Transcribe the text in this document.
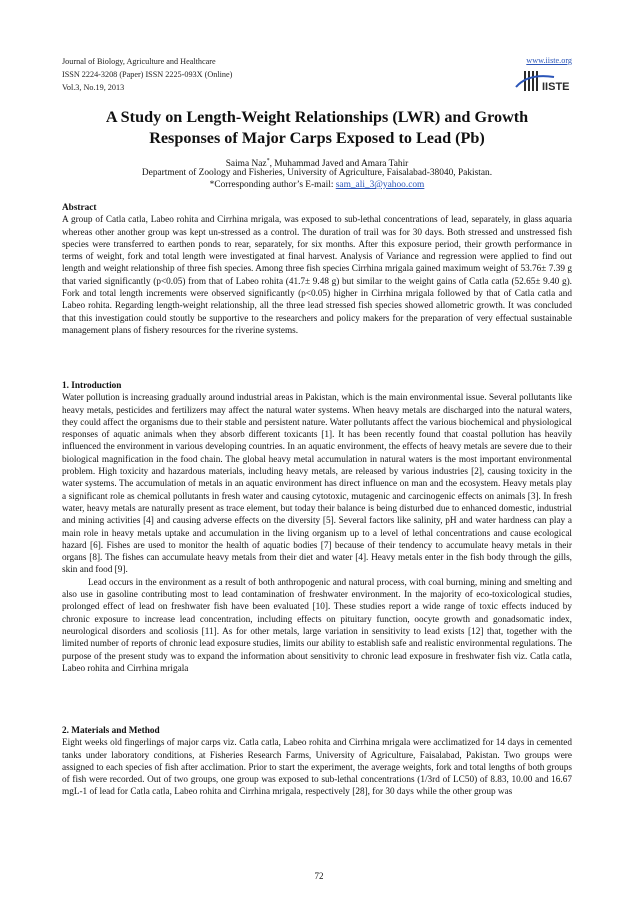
Journal of Biology, Agriculture and Healthcare
ISSN 2224-3208 (Paper) ISSN 2225-093X (Online)
Vol.3, No.19, 2013
www.iiste.org
IISTE
A Study on Length-Weight Relationships (LWR) and Growth
Responses of Major Carps Exposed to Lead (Pb)
Saima Naz*, Muhammad Javed and Amara Tahir
Department of Zoology and Fisheries, University of Agriculture, Faisalabad-38040, Pakistan.
*Corresponding author’s E-mail: sam_ali_3@yahoo.com

Abstract

A group of Catla catla, Labeo rohita and Cirrhina mrigala, was exposed to sub-lethal concentrations of lead, separately, in glass aquaria whereas other another group was kept un-stressed as a control. The duration of trail was for 30 days. Both stressed and unstressed fish species were transferred to earthen ponds to rear, separately, for six months. After this exposure period, their growth performance in terms of weight, fork and total length were investigated at final harvest. Analysis of Variance and regression were applied to find out length and weight relationship of three fish species. Among three fish species Cirrhina mrigala gained maximum weight of 53.76± 7.39 g that varied significantly (p<0.05) from that of Labeo rohita (41.7± 9.48 g) but similar to the weight gains of Catla catla (52.65± 9.40 g). Fork and total length increments were observed significantly (p<0.05) higher in Cirrhina mrigala followed by that of Catla catla and Labeo rohita. Regarding length-weight relationship, all the three lead stressed fish species showed allometric growth. It was concluded that this investigation could stoutly be supportive to the researchers and policy makers for the preparation of very effectual sustainable management plans of fishery resources for the riverine systems.

1. Introduction

Water pollution is increasing gradually around industrial areas in Pakistan, which is the main environmental issue. Several pollutants like heavy metals, pesticides and fertilizers may affect the natural water systems. When heavy metals are discharged into the natural waters, they could affect the organisms due to their stable and persistent nature. Water pollutants affect the various biochemical and physiological responses of aquatic animals when they absorb different toxicants [1]. It has been recently found that coastal pollution has heavily influenced the environment in various developing countries. In an aquatic environment, the effects of heavy metals are severe due to their biological magnification in the food chain. The global heavy metal accumulation in natural waters is the most important environmental problem. High toxicity and hazardous materials, including heavy metals, are released by various industries [2], causing toxicity in the water systems. The accumulation of metals in an aquatic environment has direct influence on man and the ecosystem. Heavy metals play a significant role as chemical pollutants in fresh water and causing cytotoxic, mutagenic and carcinogenic effects on animals [3]. In fresh water, heavy metals are naturally present as trace element, but today their balance is being disturbed due to enhanced domestic, industrial and mining activities [4] and causing adverse effects on the diversity [5]. Several factors like salinity, pH and water hardness can play a main role in heavy metals uptake and accumulation in the living organism up to a level of lethal concentrations and cause ecological hazard [6]. Fishes are used to monitor the health of aquatic bodies [7] because of their tendency to accumulate heavy metals in their organs [8]. The fishes can accumulate heavy metals from their diet and water [4]. Heavy metals enter in the fish body through the gills, skin and food [9].

Lead occurs in the environment as a result of both anthropogenic and natural process, with coal burning, mining and smelting and also use in gasoline contributing most to lead contamination of freshwater environment. In the majority of eco-toxicological studies, prolonged effect of lead on freshwater fish have been evaluated [10]. These studies report a wide range of toxic effects induced by chronic exposure to increase lead concentration, including effects on pituitary function, oocyte growth and gonadsomatic index, neurological disorders and scoliosis [11]. As for other metals, large variation in sensitivity to lead exists [12] that, together with the limited number of reports of chronic lead exposure studies, limits our ability to establish safe and realistic environmental regulations. The purpose of the present study was to expand the information about sensitivity to chronic lead exposure in freshwater fish viz. Catla catla, Labeo rohita and Cirrhina mrigala

2. Materials and Method

Eight weeks old fingerlings of major carps viz. Catla catla, Labeo rohita and Cirrhina mrigala were acclimatized for 14 days in cemented tanks under laboratory conditions, at Fisheries Research Farms, University of Agriculture, Faisalabad, Pakistan. Two groups were assigned to each species of fish after acclimation. Prior to start the experiment, the average weights, fork and total lengths of both groups of fish were recorded. Out of two groups, one group was exposed to sub-lethal concentrations (1/3rd of LC50) of 8.83, 10.00 and 16.67 mgL-1 of lead for Catla catla, Labeo rohita and Cirrhina mrigala, respectively [28], for 30 days while the other group was

72
